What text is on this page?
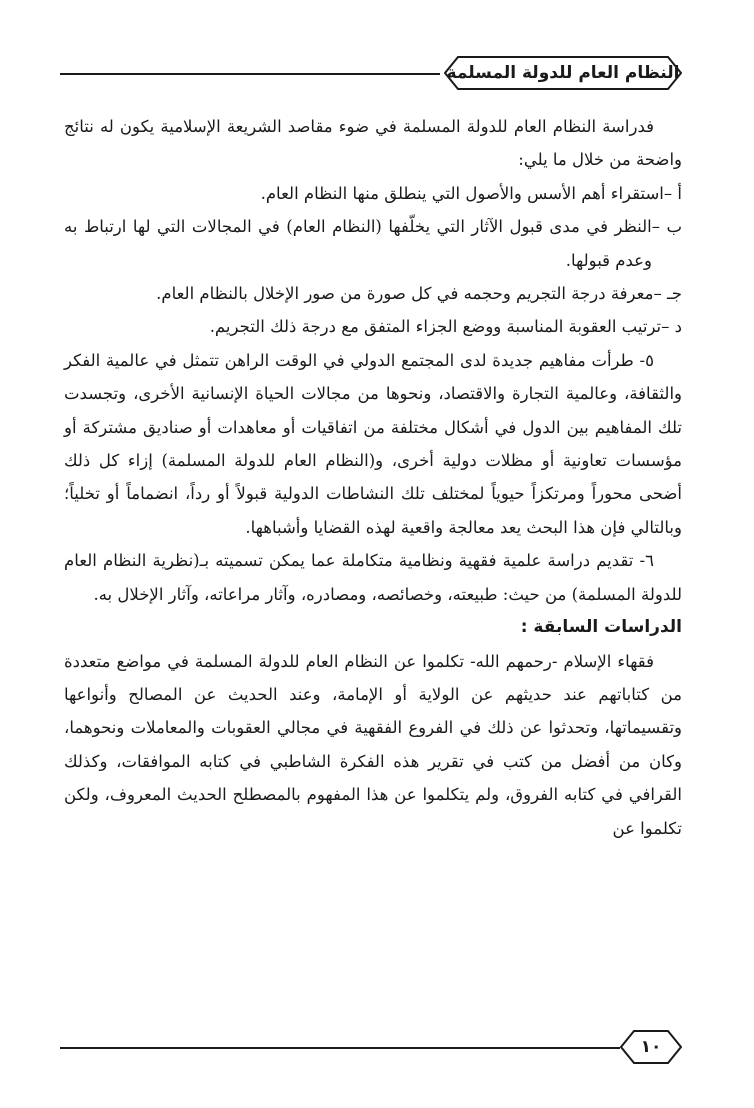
النظام العام للدولة المسلمة

فدراسة النظام العام للدولة المسلمة في ضوء مقاصد الشريعة الإسلامية يكون له نتائج واضحة من خلال ما يلي:

أ –استقراء أهم الأسس والأصول التي ينطلق منها النظام العام.

ب –النظر في مدى قبول الآثار التي يخلّفها (النظام العام) في المجالات التي لها ارتباط به وعدم قبولها.

جـ –معرفة درجة التجريم وحجمه في كل صورة من صور الإخلال بالنظام العام.

د –ترتيب العقوبة المناسبة ووضع الجزاء المتفق مع درجة ذلك التجريم.

٥- طرأت مفاهيم جديدة لدى المجتمع الدولي في الوقت الراهن تتمثل في عالمية الفكر والثقافة، وعالمية التجارة والاقتصاد، ونحوها من مجالات الحياة الإنسانية الأخرى، وتجسدت تلك المفاهيم بين الدول في أشكال مختلفة من اتفاقيات أو معاهدات أو صناديق مشتركة أو مؤسسات تعاونية أو مظلات دولية أخرى، و(النظام العام للدولة المسلمة) إزاء كل ذلك أضحى محوراً ومرتكزاً حيوياً لمختلف تلك النشاطات الدولية قبولاً أو رداً، انضماماً أو تخلياً؛ وبالتالي فإن هذا البحث يعد معالجة واقعية لهذه القضايا وأشباهها.

٦- تقديم دراسة علمية فقهية ونظامية متكاملة عما يمكن تسميته بـ(نظرية النظام العام للدولة المسلمة) من حيث: طبيعته، وخصائصه، ومصادره، وآثار مراعاته، وآثار الإخلال به.

الدراسات السابقة :

فقهاء الإسلام -رحمهم الله- تكلموا عن النظام العام للدولة المسلمة في مواضع متعددة من كتاباتهم عند حديثهم عن الولاية أو الإمامة، وعند الحديث عن المصالح وأنواعها وتقسيماتها، وتحدثوا عن ذلك في الفروع الفقهية في مجالي العقوبات والمعاملات ونحوهما، وكان من أفضل من كتب في تقرير هذه الفكرة الشاطبي في كتابه الموافقات، وكذلك القرافي في كتابه الفروق، ولم يتكلموا عن هذا المفهوم بالمصطلح الحديث المعروف، ولكن تكلموا عن

١٠
